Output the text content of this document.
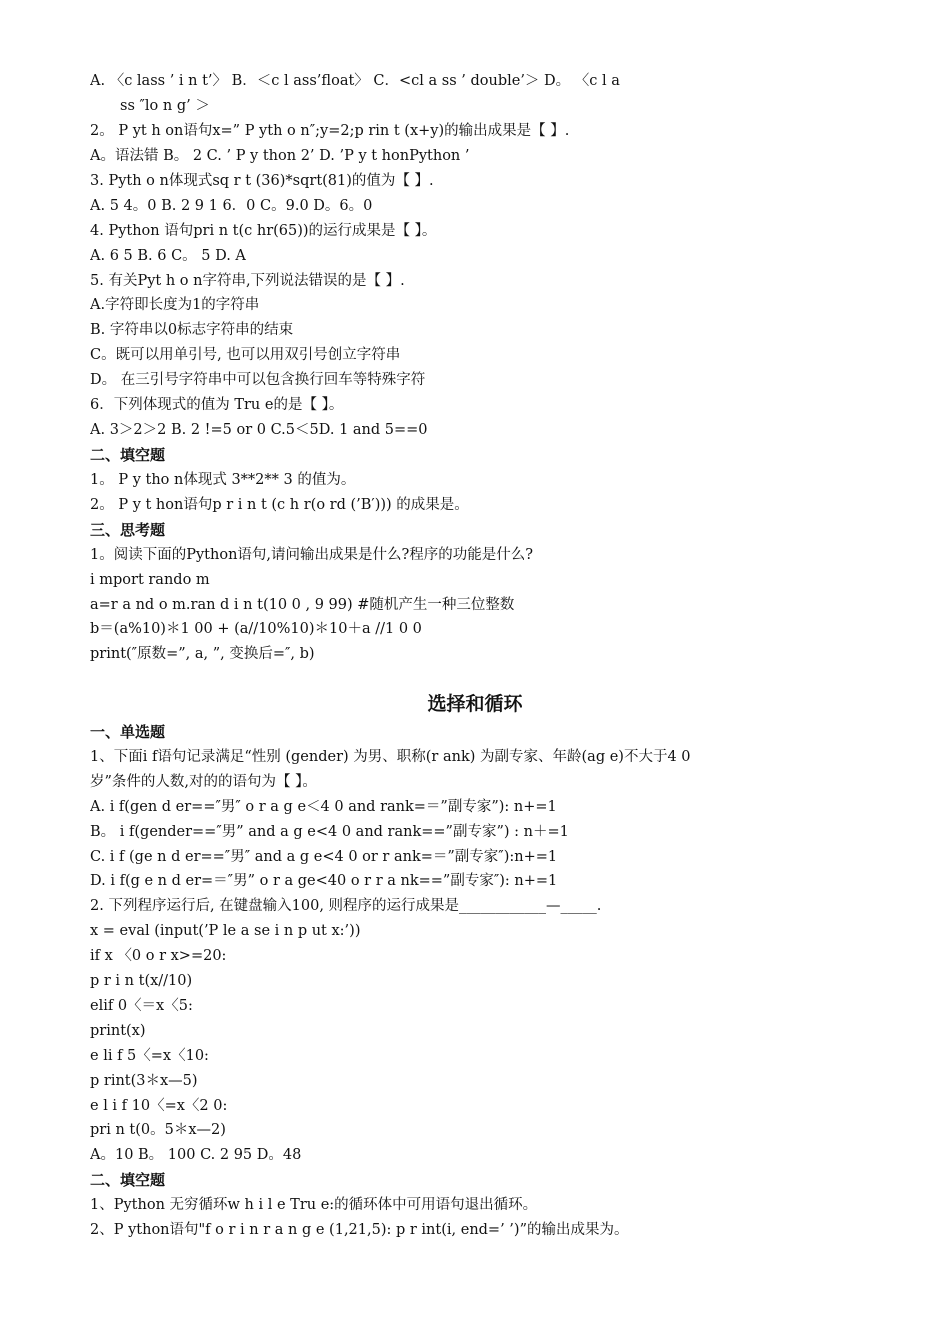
A. 〈c lass ’ i n t’〉 B．＜c l ass’float〉 C．<cl a ss ’ double’＞ D。 〈c l a
ss ″lo n g’ ＞
2。 P yt h on语句x=” P yth o n″;y=2;p rin t (x+y)的输出成果是【 】.
A。语法错 B。 2 C. ’ P y thon 2’ D. ’P y t honPython ’
3. Pyth o n体现式sq r t (36)*sqrt(81)的值为【 】.
A. 5 4。0 B. 2 9 1 6．0 C。9.0 D。6。0
4. Python 语句pri n t(c hr(65))的运行成果是【 】。
A. 6 5 B. 6 C。 5 D. A
5. 有关Pyt h o n字符串,下列说法错误的是【 】.
A.字符即长度为1的字符串
B. 字符串以0标志字符串的结束
C。既可以用单引号, 也可以用双引号创立字符串
D。 在三引号字符串中可以包含换行回车等特殊字符
6．下列体现式的值为 Tru e的是【 】。
A. 3＞2＞2 B. 2 !=5 or 0 C.5＜5D. 1 and 5==0
二、填空题
1。 P y tho n体现式 3**2** 3 的值为。
2。 P y t hon语句p r i n t (c h r(o rd (’B′))) 的成果是。
三、思考题
1。阅读下面的Python语句,请问输出成果是什么?程序的功能是什么?
i mport rando m
a=r a nd o m.ran d i n t(10 0 , 9 99) #随机产生一种三位整数
b＝(a%10)＊1 00 + (a//10%10)＊10＋a //1 0 0
print(″原数=”, a, ”, 变换后=″, b)
选择和循环
一、单选题
1、下面i f语句记录满足“性别 (gender) 为男、职称(r ank) 为副专家、年龄(ag e)不大于4 0
岁”条件的人数,对的的语句为【 】。
A. i f(gen d er==″男″ o r a g e＜4 0 and rank=＝”副专家”): n+=1
B。 i f(gender==″男” and a g e<4 0 and rank==”副专家”) : n＋=1
C. i f (ge n d er==″男″ and a g e<4 0 or r ank=＝”副专家″):n+=1
D. i f(g e n d er=＝″男” o r a ge<40 o r r a nk==”副专家″): n+=1
2. 下列程序运行后, 在键盘输入100, 则程序的运行成果是____________—_____.
x = eval (input(’P le a se i n p ut x:’))
if x 〈0 o r x>=20:
p r i n t(x//10)
elif 0〈＝x〈5:
print(x)
e li f 5〈=x〈10:
p rint(3＊x—5)
e l i f 10〈=x〈2 0:
pri n t(0。5＊x—2)
A。10 B。 100 C. 2 95 D。48
二、填空题
1、Python 无穷循环w h i l e Tru e:的循环体中可用语句退出循环。
2、P ython语句"f o r i n r a n g e (1,21,5): p r int(i, end=’ ’)”的输出成果为。
